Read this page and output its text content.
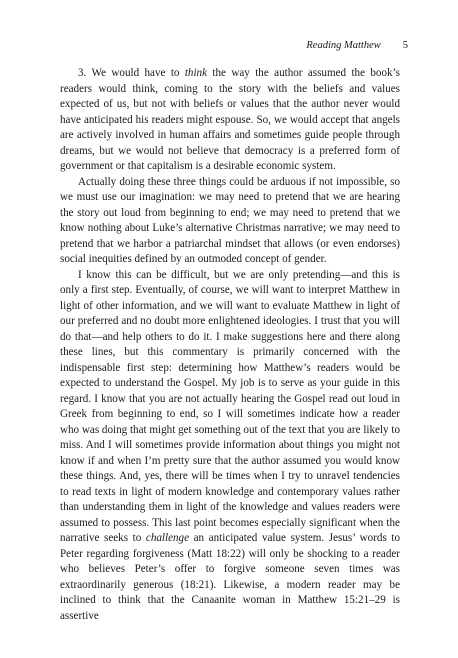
Reading Matthew 5

3. We would have to think the way the author assumed the book’s readers would think, coming to the story with the beliefs and values expected of us, but not with beliefs or values that the author never would have anticipated his readers might espouse. So, we would accept that angels are actively involved in human affairs and sometimes guide people through dreams, but we would not believe that democracy is a preferred form of government or that capitalism is a desirable economic system.

Actually doing these three things could be arduous if not impossible, so we must use our imagination: we may need to pretend that we are hearing the story out loud from beginning to end; we may need to pretend that we know nothing about Luke’s alternative Christmas narrative; we may need to pretend that we harbor a patriarchal mindset that allows (or even endorses) social inequities defined by an outmoded concept of gender.

I know this can be difficult, but we are only pretending—and this is only a first step. Eventually, of course, we will want to interpret Matthew in light of other information, and we will want to evaluate Matthew in light of our preferred and no doubt more enlightened ideologies. I trust that you will do that—and help others to do it. I make suggestions here and there along these lines, but this commentary is primarily concerned with the indispensable first step: determining how Matthew’s readers would be expected to understand the Gospel. My job is to serve as your guide in this regard. I know that you are not actually hearing the Gospel read out loud in Greek from beginning to end, so I will sometimes indicate how a reader who was doing that might get something out of the text that you are likely to miss. And I will sometimes provide information about things you might not know if and when I’m pretty sure that the author assumed you would know these things. And, yes, there will be times when I try to unravel tendencies to read texts in light of modern knowledge and contemporary values rather than understanding them in light of the knowledge and values readers were assumed to possess. This last point becomes especially significant when the narrative seeks to challenge an anticipated value system. Jesus’ words to Peter regarding forgiveness (Matt 18:22) will only be shocking to a reader who believes Peter’s offer to forgive someone seven times was extraordinarily generous (18:21). Likewise, a modern reader may be inclined to think that the Canaanite woman in Matthew 15:21–29 is assertive
